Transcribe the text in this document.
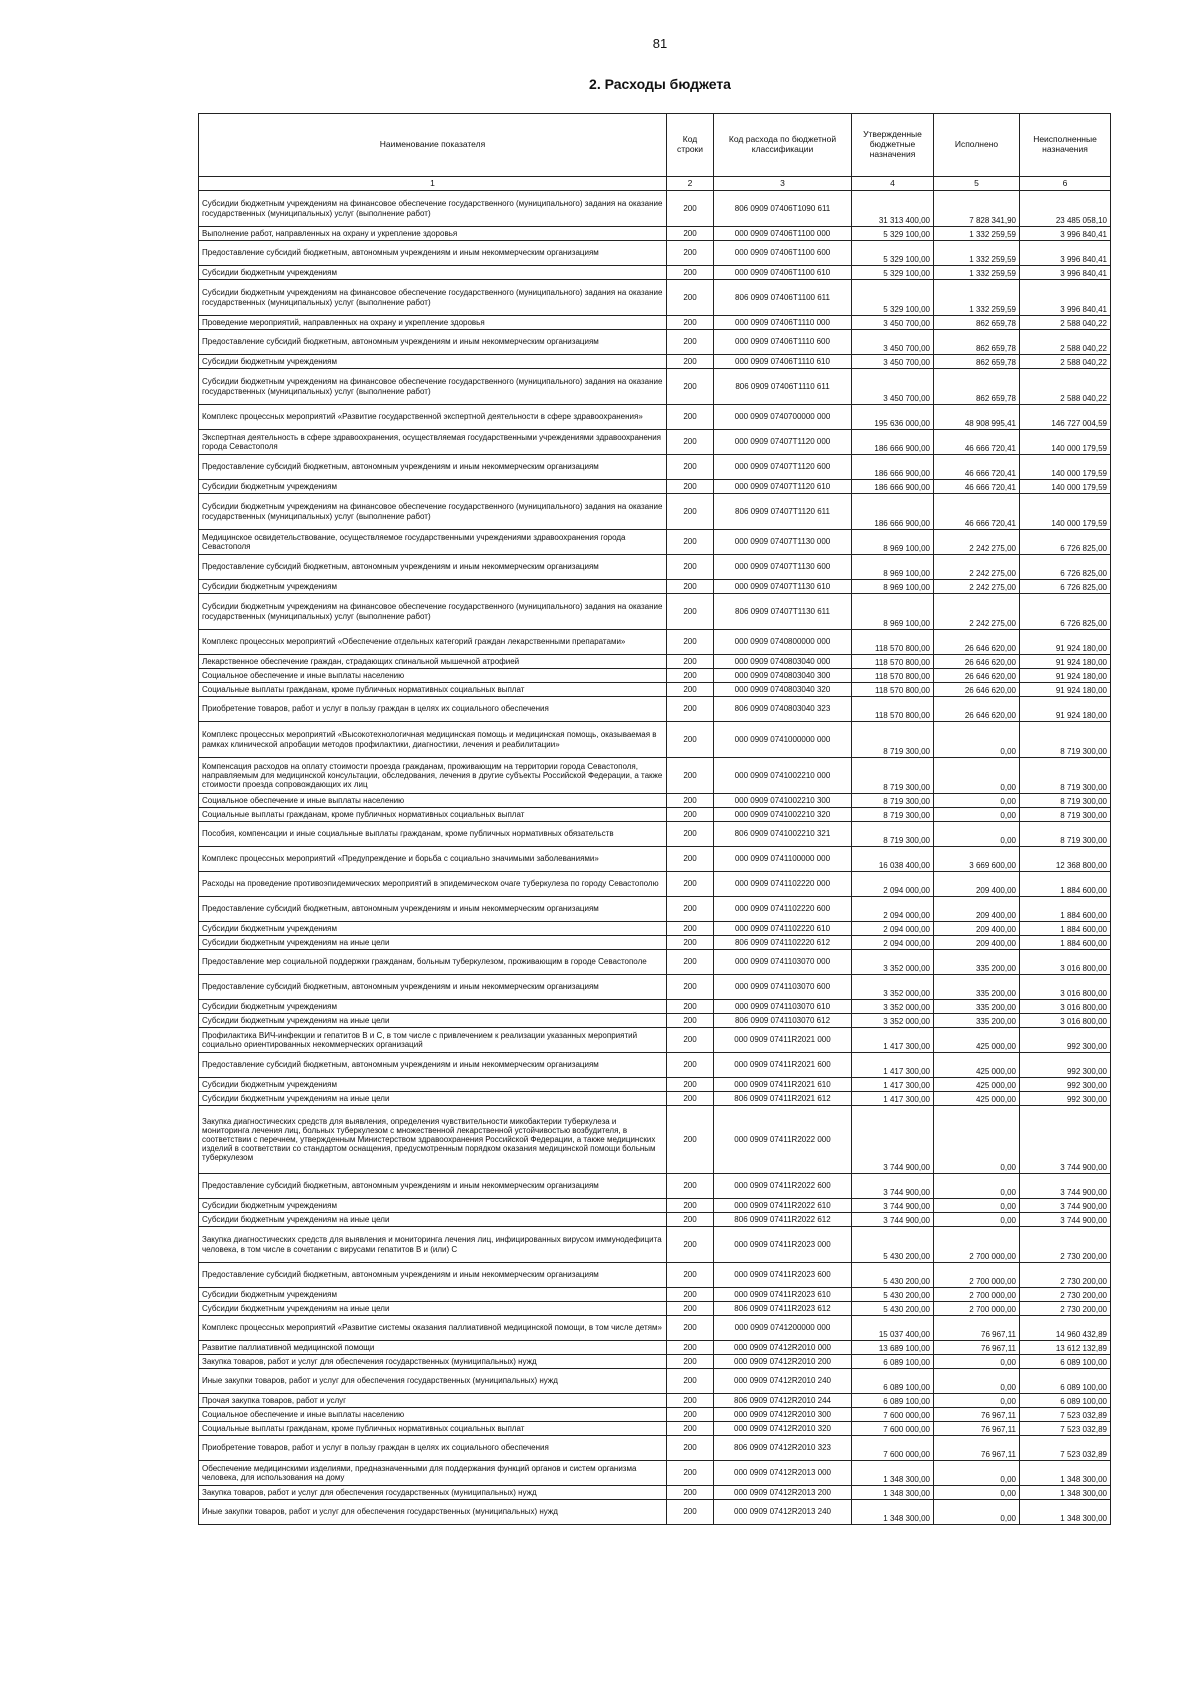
81
2. Расходы бюджета
Наименование показателя	Код строки	Код расхода по бюджетной классификации	Утвержденные бюджетные назначения	Исполнено	Неисполненные назначения
1	2	3	4	5	6
Субсидии бюджетным учреждениям на финансовое обеспечение государственного (муниципального) задания на оказание государственных (муниципальных) услуг (выполнение работ)	200	806 0909 07406Т1090 611	31 313 400,00	7 828 341,90	23 485 058,10
Выполнение работ, направленных на охрану и укрепление здоровья	200	000 0909 07406Т1100 000	5 329 100,00	1 332 259,59	3 996 840,41
Предоставление субсидий бюджетным, автономным учреждениям и иным некоммерческим организациям	200	000 0909 07406Т1100 600	5 329 100,00	1 332 259,59	3 996 840,41
Субсидии бюджетным учреждениям	200	000 0909 07406Т1100 610	5 329 100,00	1 332 259,59	3 996 840,41
Субсидии бюджетным учреждениям на финансовое обеспечение государственного (муниципального) задания на оказание государственных (муниципальных) услуг (выполнение работ)	200	806 0909 07406Т1100 611	5 329 100,00	1 332 259,59	3 996 840,41
Проведение мероприятий, направленных на охрану и укрепление здоровья	200	000 0909 07406Т1110 000	3 450 700,00	862 659,78	2 588 040,22
Предоставление субсидий бюджетным, автономным учреждениям и иным некоммерческим организациям	200	000 0909 07406Т1110 600	3 450 700,00	862 659,78	2 588 040,22
Субсидии бюджетным учреждениям	200	000 0909 07406Т1110 610	3 450 700,00	862 659,78	2 588 040,22
Субсидии бюджетным учреждениям на финансовое обеспечение государственного (муниципального) задания на оказание государственных (муниципальных) услуг (выполнение работ)	200	806 0909 07406Т1110 611	3 450 700,00	862 659,78	2 588 040,22
Комплекс процессных мероприятий «Развитие государственной экспертной деятельности в сфере здравоохранения»	200	000 0909 0740700000 000	195 636 000,00	48 908 995,41	146 727 004,59
Экспертная деятельность в сфере здравоохранения, осуществляемая государственными учреждениями здравоохранения города Севастополя	200	000 0909 07407Т1120 000	186 666 900,00	46 666 720,41	140 000 179,59
Предоставление субсидий бюджетным, автономным учреждениям и иным некоммерческим организациям	200	000 0909 07407Т1120 600	186 666 900,00	46 666 720,41	140 000 179,59
Субсидии бюджетным учреждениям	200	000 0909 07407Т1120 610	186 666 900,00	46 666 720,41	140 000 179,59
Субсидии бюджетным учреждениям на финансовое обеспечение государственного (муниципального) задания на оказание государственных (муниципальных) услуг (выполнение работ)	200	806 0909 07407Т1120 611	186 666 900,00	46 666 720,41	140 000 179,59
Медицинское освидетельствование, осуществляемое государственными учреждениями здравоохранения города Севастополя	200	000 0909 07407Т1130 000	8 969 100,00	2 242 275,00	6 726 825,00
Предоставление субсидий бюджетным, автономным учреждениям и иным некоммерческим организациям	200	000 0909 07407Т1130 600	8 969 100,00	2 242 275,00	6 726 825,00
Субсидии бюджетным учреждениям	200	000 0909 07407Т1130 610	8 969 100,00	2 242 275,00	6 726 825,00
Субсидии бюджетным учреждениям на финансовое обеспечение государственного (муниципального) задания на оказание государственных (муниципальных) услуг (выполнение работ)	200	806 0909 07407Т1130 611	8 969 100,00	2 242 275,00	6 726 825,00
Комплекс процессных мероприятий «Обеспечение отдельных категорий граждан лекарственными препаратами»	200	000 0909 0740800000 000	118 570 800,00	26 646 620,00	91 924 180,00
Лекарственное обеспечение граждан, страдающих спинальной мышечной атрофией	200	000 0909 0740803040 000	118 570 800,00	26 646 620,00	91 924 180,00
Социальное обеспечение и иные выплаты населению	200	000 0909 0740803040 300	118 570 800,00	26 646 620,00	91 924 180,00
Социальные выплаты гражданам, кроме публичных нормативных социальных выплат	200	000 0909 0740803040 320	118 570 800,00	26 646 620,00	91 924 180,00
Приобретение товаров, работ и услуг в пользу граждан в целях их социального обеспечения	200	806 0909 0740803040 323	118 570 800,00	26 646 620,00	91 924 180,00
Комплекс процессных мероприятий «Высокотехнологичная медицинская помощь и медицинская помощь, оказываемая в рамках клинической апробации методов профилактики, диагностики, лечения и реабилитации»	200	000 0909 0741000000 000	8 719 300,00	0,00	8 719 300,00
Компенсация расходов на оплату стоимости проезда гражданам, проживающим на территории города Севастополя, направляемым для медицинской консультации, обследования, лечения в другие субъекты Российской Федерации, а также стоимости проезда сопровождающих их лиц	200	000 0909 0741002210 000	8 719 300,00	0,00	8 719 300,00
Социальное обеспечение и иные выплаты населению	200	000 0909 0741002210 300	8 719 300,00	0,00	8 719 300,00
Социальные выплаты гражданам, кроме публичных нормативных социальных выплат	200	000 0909 0741002210 320	8 719 300,00	0,00	8 719 300,00
Пособия, компенсации и иные социальные выплаты гражданам, кроме публичных нормативных обязательств	200	806 0909 0741002210 321	8 719 300,00	0,00	8 719 300,00
Комплекс процессных мероприятий «Предупреждение и борьба с социально значимыми заболеваниями»	200	000 0909 0741100000 000	16 038 400,00	3 669 600,00	12 368 800,00
Расходы на проведение противоэпидемических мероприятий в эпидемическом очаге туберкулеза по городу Севастополю	200	000 0909 0741102220 000	2 094 000,00	209 400,00	1 884 600,00
Предоставление субсидий бюджетным, автономным учреждениям и иным некоммерческим организациям	200	000 0909 0741102220 600	2 094 000,00	209 400,00	1 884 600,00
Субсидии бюджетным учреждениям	200	000 0909 0741102220 610	2 094 000,00	209 400,00	1 884 600,00
Субсидии бюджетным учреждениям на иные цели	200	806 0909 0741102220 612	2 094 000,00	209 400,00	1 884 600,00
Предоставление мер социальной поддержки гражданам, больным туберкулезом, проживающим в городе Севастополе	200	000 0909 0741103070 000	3 352 000,00	335 200,00	3 016 800,00
Предоставление субсидий бюджетным, автономным учреждениям и иным некоммерческим организациям	200	000 0909 0741103070 600	3 352 000,00	335 200,00	3 016 800,00
Субсидии бюджетным учреждениям	200	000 0909 0741103070 610	3 352 000,00	335 200,00	3 016 800,00
Субсидии бюджетным учреждениям на иные цели	200	806 0909 0741103070 612	3 352 000,00	335 200,00	3 016 800,00
Профилактика ВИЧ-инфекции и гепатитов В и С, в том числе с привлечением к реализации указанных мероприятий социально ориентированных некоммерческих организаций	200	000 0909 07411R2021 000	1 417 300,00	425 000,00	992 300,00
Предоставление субсидий бюджетным, автономным учреждениям и иным некоммерческим организациям	200	000 0909 07411R2021 600	1 417 300,00	425 000,00	992 300,00
Субсидии бюджетным учреждениям	200	000 0909 07411R2021 610	1 417 300,00	425 000,00	992 300,00
Субсидии бюджетным учреждениям на иные цели	200	806 0909 07411R2021 612	1 417 300,00	425 000,00	992 300,00
Закупка диагностических средств для выявления, определения чувствительности микобактерии туберкулеза и мониторинга лечения лиц, больных туберкулезом с множественной лекарственной устойчивостью возбудителя, в соответствии с перечнем, утвержденным Министерством здравоохранения Российской Федерации, а также медицинских изделий в соответствии со стандартом оснащения, предусмотренным порядком оказания медицинской помощи больным туберкулезом	200	000 0909 07411R2022 000	3 744 900,00	0,00	3 744 900,00
Предоставление субсидий бюджетным, автономным учреждениям и иным некоммерческим организациям	200	000 0909 07411R2022 600	3 744 900,00	0,00	3 744 900,00
Субсидии бюджетным учреждениям	200	000 0909 07411R2022 610	3 744 900,00	0,00	3 744 900,00
Субсидии бюджетным учреждениям на иные цели	200	806 0909 07411R2022 612	3 744 900,00	0,00	3 744 900,00
Закупка диагностических средств для выявления и мониторинга лечения лиц, инфицированных вирусом иммунодефицита человека, в том числе в сочетании с вирусами гепатитов В и (или) С	200	000 0909 07411R2023 000	5 430 200,00	2 700 000,00	2 730 200,00
Предоставление субсидий бюджетным, автономным учреждениям и иным некоммерческим организациям	200	000 0909 07411R2023 600	5 430 200,00	2 700 000,00	2 730 200,00
Субсидии бюджетным учреждениям	200	000 0909 07411R2023 610	5 430 200,00	2 700 000,00	2 730 200,00
Субсидии бюджетным учреждениям на иные цели	200	806 0909 07411R2023 612	5 430 200,00	2 700 000,00	2 730 200,00
Комплекс процессных мероприятий «Развитие системы оказания паллиативной медицинской помощи, в том числе детям»	200	000 0909 0741200000 000	15 037 400,00	76 967,11	14 960 432,89
Развитие паллиативной медицинской помощи	200	000 0909 07412R2010 000	13 689 100,00	76 967,11	13 612 132,89
Закупка товаров, работ и услуг для обеспечения государственных (муниципальных) нужд	200	000 0909 07412R2010 200	6 089 100,00	0,00	6 089 100,00
Иные закупки товаров, работ и услуг для обеспечения государственных (муниципальных) нужд	200	000 0909 07412R2010 240	6 089 100,00	0,00	6 089 100,00
Прочая закупка товаров, работ и услуг	200	806 0909 07412R2010 244	6 089 100,00	0,00	6 089 100,00
Социальное обеспечение и иные выплаты населению	200	000 0909 07412R2010 300	7 600 000,00	76 967,11	7 523 032,89
Социальные выплаты гражданам, кроме публичных нормативных социальных выплат	200	000 0909 07412R2010 320	7 600 000,00	76 967,11	7 523 032,89
Приобретение товаров, работ и услуг в пользу граждан в целях их социального обеспечения	200	806 0909 07412R2010 323	7 600 000,00	76 967,11	7 523 032,89
Обеспечение медицинскими изделиями, предназначенными для поддержания функций органов и систем организма человека, для использования на дому	200	000 0909 07412R2013 000	1 348 300,00	0,00	1 348 300,00
Закупка товаров, работ и услуг для обеспечения государственных (муниципальных) нужд	200	000 0909 07412R2013 200	1 348 300,00	0,00	1 348 300,00
Иные закупки товаров, работ и услуг для обеспечения государственных (муниципальных) нужд	200	000 0909 07412R2013 240	1 348 300,00	0,00	1 348 300,00
